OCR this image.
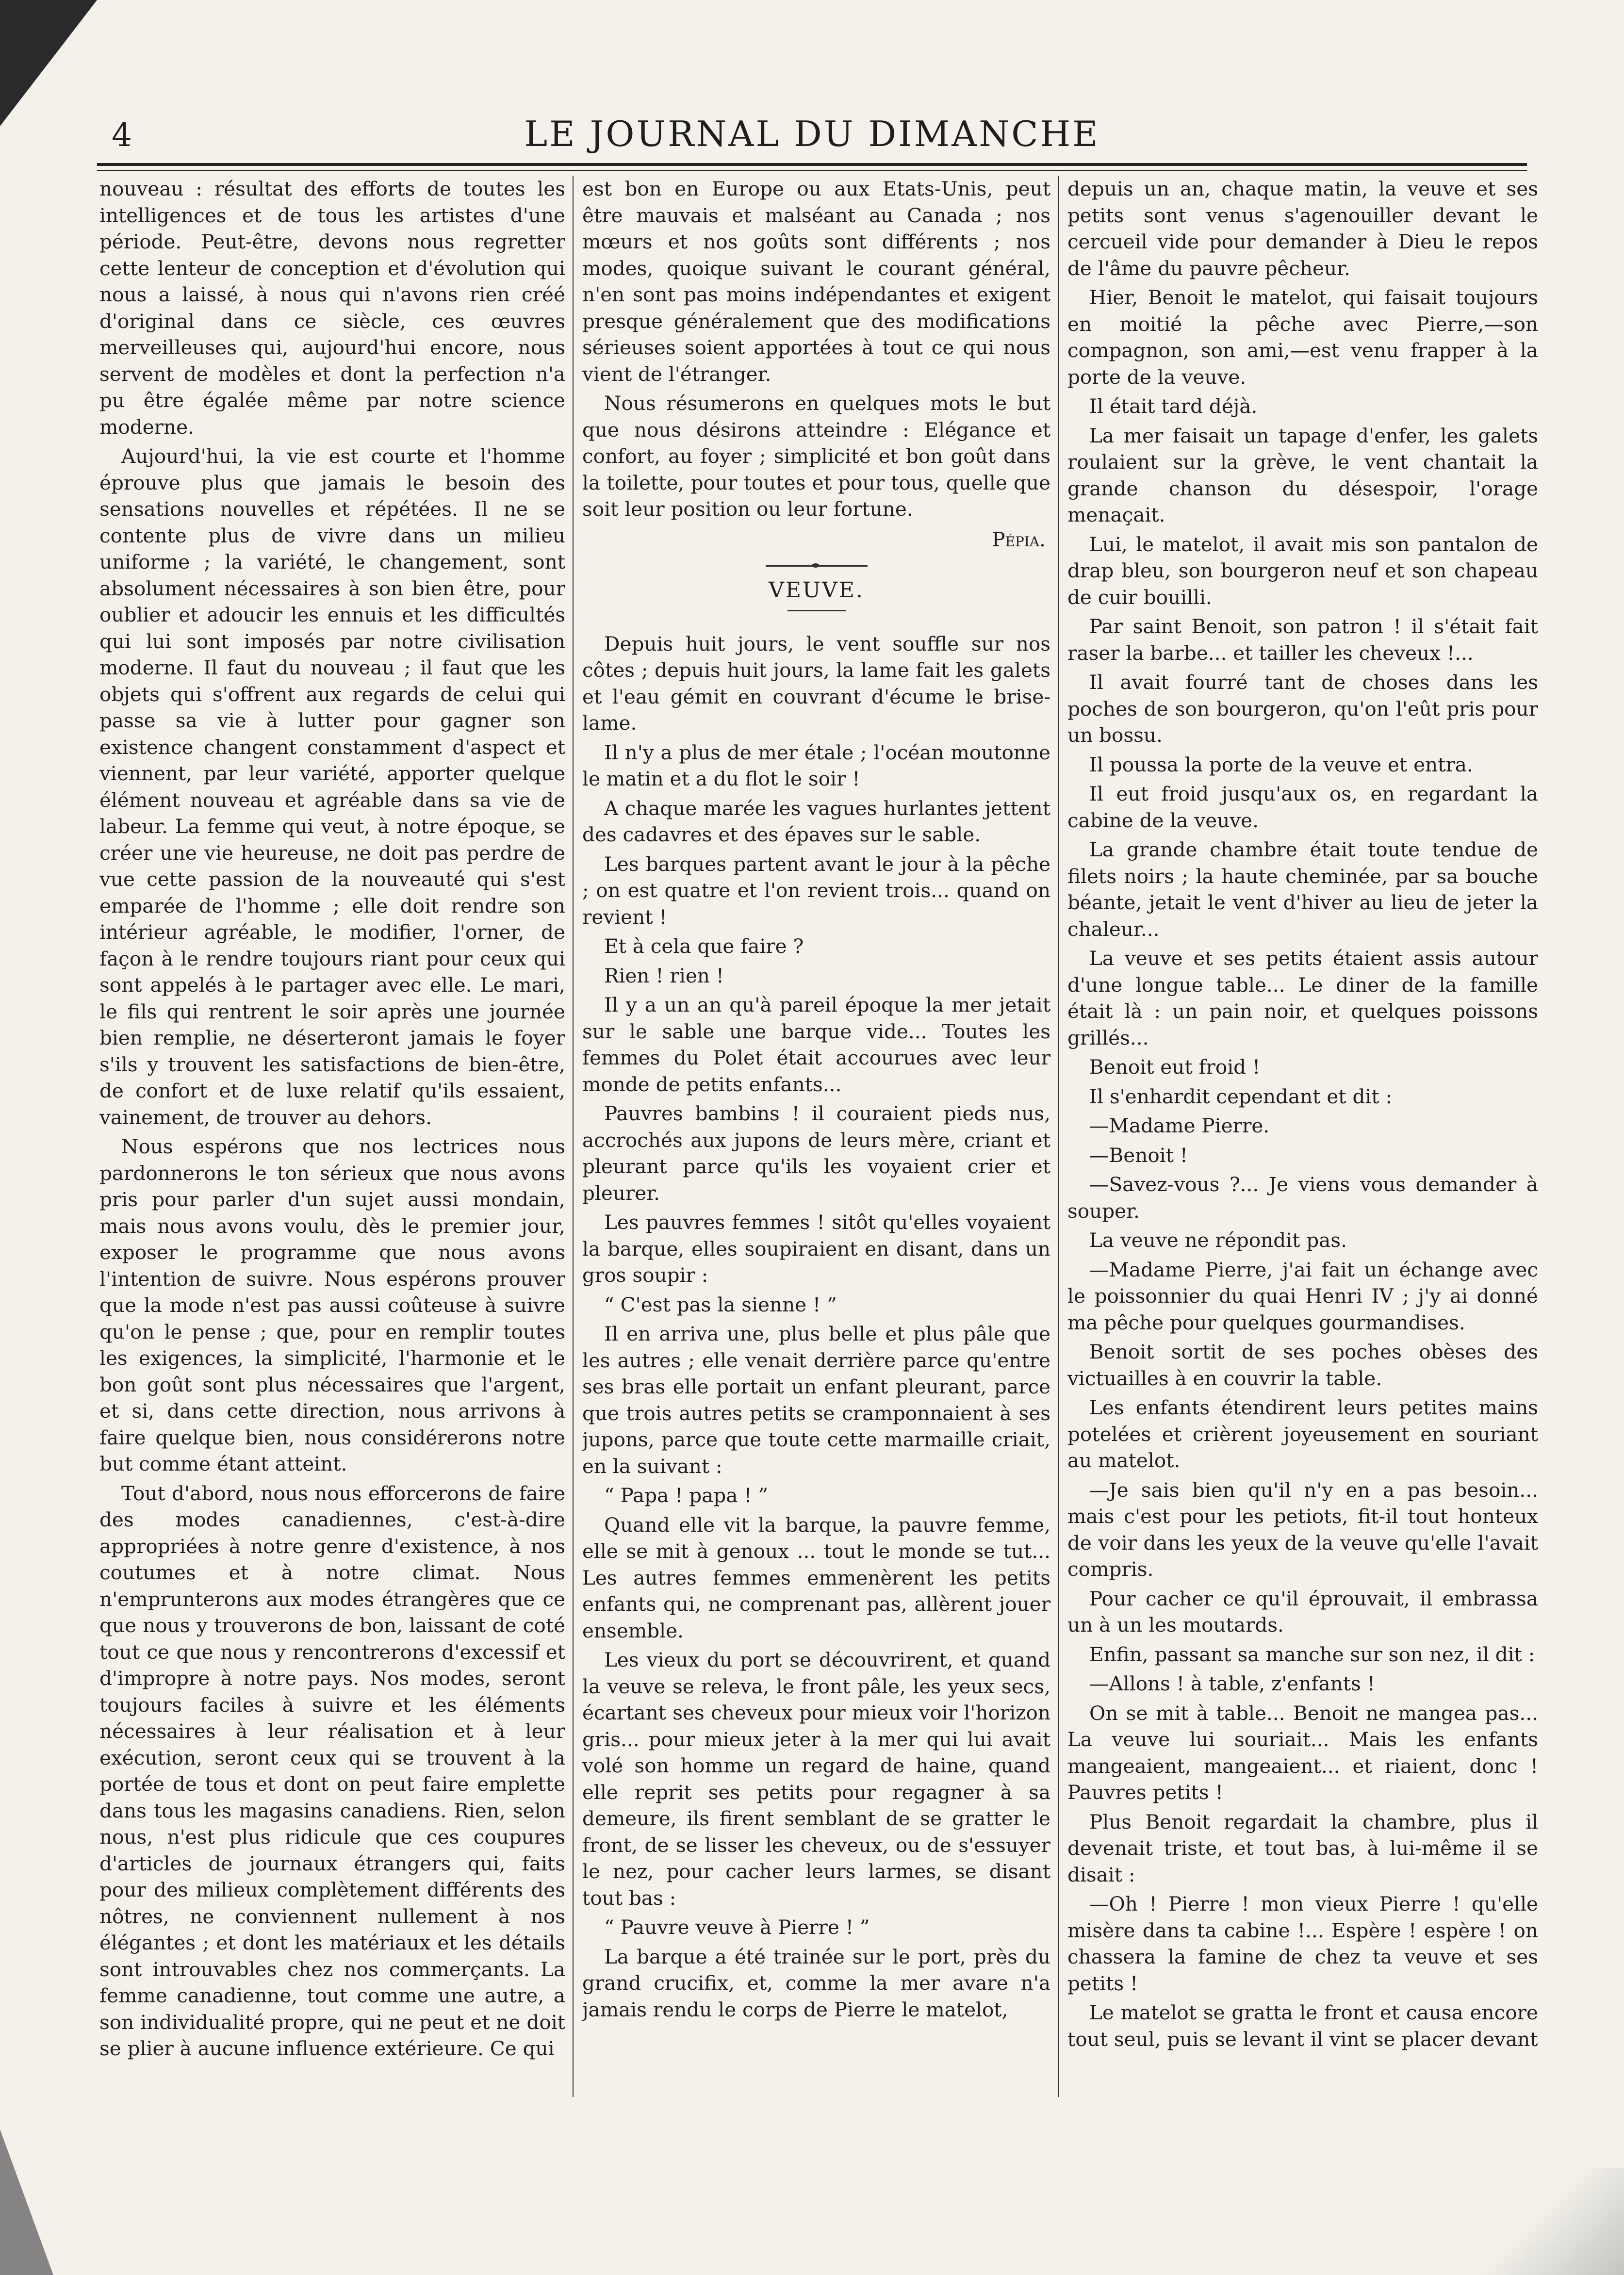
4	LE JOURNAL DU DIMANCHE

nouveau : résultat des efforts de toutes les intelligences et de tous les artistes d'une période. Peut-être, devons nous regretter cette lenteur de conception et d'évolution qui nous a laissé, à nous qui n'avons rien créé d'original dans ce siècle, ces œuvres merveilleuses qui, aujourd'hui encore, nous servent de modèles et dont la perfection n'a pu être égalée même par notre science moderne.

Aujourd'hui, la vie est courte et l'homme éprouve plus que jamais le besoin des sensations nouvelles et répétées. Il ne se contente plus de vivre dans un milieu uniforme ; la variété, le changement, sont absolument nécessaires à son bien être, pour oublier et adoucir les ennuis et les difficultés qui lui sont imposés par notre civilisation moderne. Il faut du nouveau ; il faut que les objets qui s'offrent aux regards de celui qui passe sa vie à lutter pour gagner son existence changent constamment d'aspect et viennent, par leur variété, apporter quelque élément nouveau et agréable dans sa vie de labeur. La femme qui veut, à notre époque, se créer une vie heureuse, ne doit pas perdre de vue cette passion de la nouveauté qui s'est emparée de l'homme ; elle doit rendre son intérieur agréable, le modifier, l'orner, de façon à le rendre toujours riant pour ceux qui sont appelés à le partager avec elle. Le mari, le fils qui rentrent le soir après une journée bien remplie, ne déserteront jamais le foyer s'ils y trouvent les satisfactions de bien-être, de confort et de luxe relatif qu'ils essaient, vainement, de trouver au dehors.

Nous espérons que nos lectrices nous pardonnerons le ton sérieux que nous avons pris pour parler d'un sujet aussi mondain, mais nous avons voulu, dès le premier jour, exposer le programme que nous avons l'intention de suivre. Nous espérons prouver que la mode n'est pas aussi coûteuse à suivre qu'on le pense ; que, pour en remplir toutes les exigences, la simplicité, l'harmonie et le bon goût sont plus nécessaires que l'argent, et si, dans cette direction, nous arrivons à faire quelque bien, nous considérerons notre but comme étant atteint.

Tout d'abord, nous nous efforcerons de faire des modes canadiennes, c'est-à-dire appropriées à notre genre d'existence, à nos coutumes et à notre climat. Nous n'emprunterons aux modes étrangères que ce que nous y trouverons de bon, laissant de coté tout ce que nous y rencontrerons d'excessif et d'impropre à notre pays. Nos modes, seront toujours faciles à suivre et les éléments nécessaires à leur réalisation et à leur exécution, seront ceux qui se trouvent à la portée de tous et dont on peut faire emplette dans tous les magasins canadiens. Rien, selon nous, n'est plus ridicule que ces coupures d'articles de journaux étrangers qui, faits pour des milieux complètement différents des nôtres, ne conviennent nullement à nos élégantes ; et dont les matériaux et les détails sont introuvables chez nos commerçants. La femme canadienne, tout comme une autre, a son individualité propre, qui ne peut et ne doit se plier à aucune influence extérieure. Ce qui

est bon en Europe ou aux Etats-Unis, peut être mauvais et malséant au Canada ; nos mœurs et nos goûts sont différents ; nos modes, quoique suivant le courant général, n'en sont pas moins indépendantes et exigent presque généralement que des modifications sérieuses soient apportées à tout ce qui nous vient de l'étranger.

Nous résumerons en quelques mots le but que nous désirons atteindre : Elégance et confort, au foyer ; simplicité et bon goût dans la toilette, pour toutes et pour tous, quelle que soit leur position ou leur fortune.

Pépia.
VEUVE.

Depuis huit jours, le vent souffle sur nos côtes ; depuis huit jours, la lame fait les galets et l'eau gémit en couvrant d'écume le brise-lame.

Il n'y a plus de mer étale ; l'océan moutonne le matin et a du flot le soir !

A chaque marée les vagues hurlantes jettent des cadavres et des épaves sur le sable.

Les barques partent avant le jour à la pêche ; on est quatre et l'on revient trois... quand on revient !

Et à cela que faire ?

Rien ! rien !

Il y a un an qu'à pareil époque la mer jetait sur le sable une barque vide... Toutes les femmes du Polet était accourues avec leur monde de petits enfants...

Pauvres bambins ! il couraient pieds nus, accrochés aux jupons de leurs mère, criant et pleurant parce qu'ils les voyaient crier et pleurer.

Les pauvres femmes ! sitôt qu'elles voyaient la barque, elles soupiraient en disant, dans un gros soupir :

“ C'est pas la sienne ! ”

Il en arriva une, plus belle et plus pâle que les autres ; elle venait derrière parce qu'entre ses bras elle portait un enfant pleurant, parce que trois autres petits se cramponnaient à ses jupons, parce que toute cette marmaille criait, en la suivant :

“ Papa ! papa ! ”

Quand elle vit la barque, la pauvre femme, elle se mit à genoux ... tout le monde se tut... Les autres femmes emmenèrent les petits enfants qui, ne comprenant pas, allèrent jouer ensemble.

Les vieux du port se découvrirent, et quand la veuve se releva, le front pâle, les yeux secs, écartant ses cheveux pour mieux voir l'horizon gris... pour mieux jeter à la mer qui lui avait volé son homme un regard de haine, quand elle reprit ses petits pour regagner à sa demeure, ils firent semblant de se gratter le front, de se lisser les cheveux, ou de s'essuyer le nez, pour cacher leurs larmes, se disant tout bas :

“ Pauvre veuve à Pierre ! ”

La barque a été trainée sur le port, près du grand crucifix, et, comme la mer avare n'a jamais rendu le corps de Pierre le matelot,

depuis un an, chaque matin, la veuve et ses petits sont venus s'agenouiller devant le cercueil vide pour demander à Dieu le repos de l'âme du pauvre pêcheur.

Hier, Benoit le matelot, qui faisait toujours en moitié la pêche avec Pierre,—son compagnon, son ami,—est venu frapper à la porte de la veuve.

Il était tard déjà.

La mer faisait un tapage d'enfer, les galets roulaient sur la grève, le vent chantait la grande chanson du désespoir, l'orage menaçait.

Lui, le matelot, il avait mis son pantalon de drap bleu, son bourgeron neuf et son chapeau de cuir bouilli.

Par saint Benoit, son patron ! il s'était fait raser la barbe... et tailler les cheveux !...

Il avait fourré tant de choses dans les poches de son bourgeron, qu'on l'eût pris pour un bossu.

Il poussa la porte de la veuve et entra.

Il eut froid jusqu'aux os, en regardant la cabine de la veuve.

La grande chambre était toute tendue de filets noirs ; la haute cheminée, par sa bouche béante, jetait le vent d'hiver au lieu de jeter la chaleur...

La veuve et ses petits étaient assis autour d'une longue table... Le diner de la famille était là : un pain noir, et quelques poissons grillés...

Benoit eut froid !

Il s'enhardit cependant et dit :

—Madame Pierre.

—Benoit !

—Savez-vous ?... Je viens vous demander à souper.

La veuve ne répondit pas.

—Madame Pierre, j'ai fait un échange avec le poissonnier du quai Henri IV ; j'y ai donné ma pêche pour quelques gourmandises.

Benoit sortit de ses poches obèses des victuailles à en couvrir la table.

Les enfants étendirent leurs petites mains potelées et crièrent joyeusement en souriant au matelot.

—Je sais bien qu'il n'y en a pas besoin... mais c'est pour les petiots, fit-il tout honteux de voir dans les yeux de la veuve qu'elle l'avait compris.

Pour cacher ce qu'il éprouvait, il embrassa un à un les moutards.

Enfin, passant sa manche sur son nez, il dit :

—Allons ! à table, z'enfants !

On se mit à table... Benoit ne mangea pas... La veuve lui souriait... Mais les enfants mangeaient, mangeaient... et riaient, donc ! Pauvres petits !

Plus Benoit regardait la chambre, plus il devenait triste, et tout bas, à lui-même il se disait :

—Oh ! Pierre ! mon vieux Pierre ! qu'elle misère dans ta cabine !... Espère ! espère ! on chassera la famine de chez ta veuve et ses petits !

Le matelot se gratta le front et causa encore tout seul, puis se levant il vint se placer devant
